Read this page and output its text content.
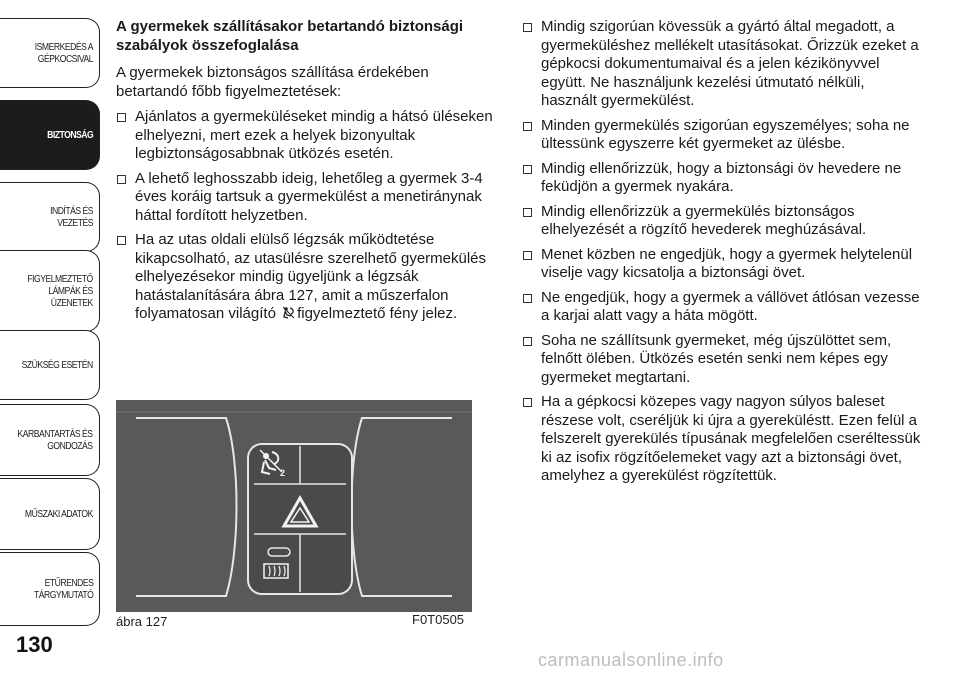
ISMERKEDÉS A
GÉPKOCSIVAL
BIZTONSÁG
INDÍTÁS ÉS VEZETÉS
FIGYELMEZTETŐ
LÁMPÁK ÉS
ÜZENETEK
SZÜKSÉG ESETÉN
KARBANTARTÁS ÉS
GONDOZÁS
MŰSZAKI ADATOK
ETŰRENDES
TÁRGYMUTATÓ
130
A gyermekek szállításakor betartandó biztonsági szabályok összefoglalása
A gyermekek biztonságos szállítása érdekében betartandó főbb figyelmeztetések:
Ajánlatos a gyermeküléseket mindig a hátsó üléseken elhelyezni, mert ezek a helyek bizonyultak legbiztonságosabbnak ütközés esetén.
A lehető leghosszabb ideig, lehetőleg a gyermek 3-4 éves koráig tartsuk a gyermekülést a menetiránynak háttal fordított helyzetben.
Ha az utas oldali elülső légzsák működtetése kikapcsolható, az utasülésre szerelhető gyermekülés elhelyezésekor mindig ügyeljünk a légzsák hatástalanítására ábra 127, amit a műszerfalon folyamatosan világító figyelmeztető fény jelez.
Mindig szigorúan kövessük a gyártó által megadott, a gyermeküléshez mellékelt utasításokat. Őrizzük ezeket a gépkocsi dokumentumaival és a jelen kézikönyvvel együtt. Ne használjunk kezelési útmutató nélküli, használt gyermekülést.
Minden gyermekülés szigorúan egyszemélyes; soha ne ültessünk egyszerre két gyermeket az ülésbe.
Mindig ellenőrizzük, hogy a biztonsági öv hevedere ne feküdjön a gyermek nyakára.
Mindig ellenőrizzük a gyermekülés biztonságos elhelyezését a rögzítő hevederek meghúzásával.
Menet közben ne engedjük, hogy a gyermek helytelenül viselje vagy kicsatolja a biztonsági övet.
Ne engedjük, hogy a gyermek a vállövet átlósan vezesse a karjai alatt vagy a háta mögött.
Soha ne szállítsunk gyermeket, még újszülöttet sem, felnőtt ölében. Ütközés esetén senki nem képes egy gyermeket megtartani.
Ha a gépkocsi közepes vagy nagyon súlyos baleset részese volt, cseréljük ki újra a gyereküléstt. Ezen felül a felszerelt gyerekülés típusának megfelelően cseréltessük ki az isofix rögzítőelemeket vagy azt a biztonsági övet, amelyhez a gyerekülést rögzítettük.
2
ábra 127	F0T0505
carmanualsonline.info
